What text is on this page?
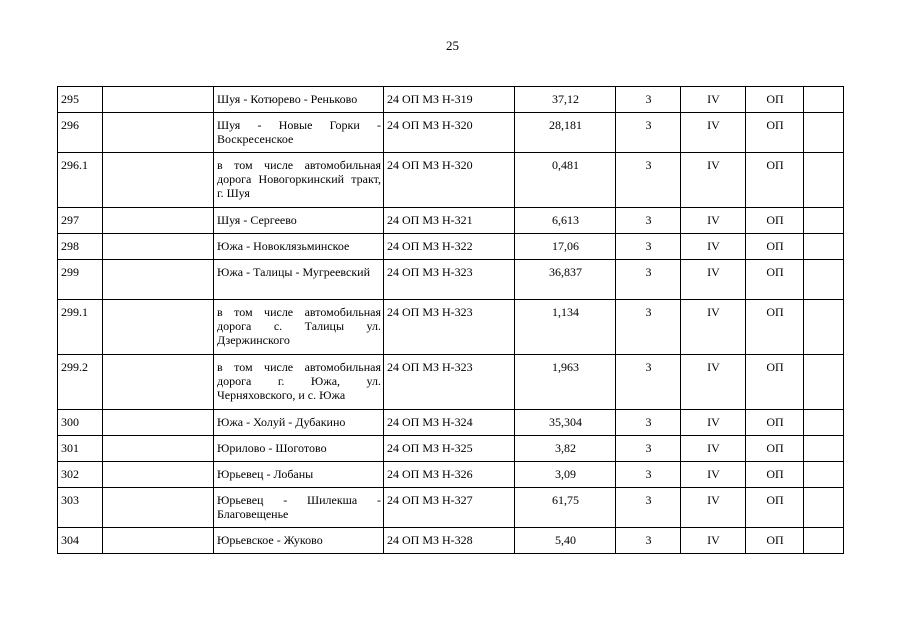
25
295		Шуя - Котюрево - Реньково	24 ОП МЗ Н-319	37,12	3	IV	ОП	
296		Шуя - Новые Горки - Воскресенское	24 ОП МЗ Н-320	28,181	3	IV	ОП	
296.1		в том числе автомобильная дорога Новогоркинский тракт, г. Шуя	24 ОП МЗ Н-320	0,481	3	IV	ОП	
297		Шуя - Сергеево	24 ОП МЗ Н-321	6,613	3	IV	ОП	
298		Южа - Новоклязьминское	24 ОП МЗ Н-322	17,06	3	IV	ОП	
299		Южа - Талицы - Мугреевский	24 ОП МЗ Н-323	36,837	3	IV	ОП	
299.1		в том числе автомобильная дорога с. Талицы ул. Дзержинского	24 ОП МЗ Н-323	1,134	3	IV	ОП	
299.2		в том числе автомобильная дорога г. Южа, ул. Черняховского, и с. Южа	24 ОП МЗ Н-323	1,963	3	IV	ОП	
300		Южа - Холуй - Дубакино	24 ОП МЗ Н-324	35,304	3	IV	ОП	
301		Юрилово - Шоготово	24 ОП МЗ Н-325	3,82	3	IV	ОП	
302		Юрьевец - Лобаны	24 ОП МЗ Н-326	3,09	3	IV	ОП	
303		Юрьевец - Шилекша - Благовещенье	24 ОП МЗ Н-327	61,75	3	IV	ОП	
304		Юрьевское - Жуково	24 ОП МЗ Н-328	5,40	3	IV	ОП	
